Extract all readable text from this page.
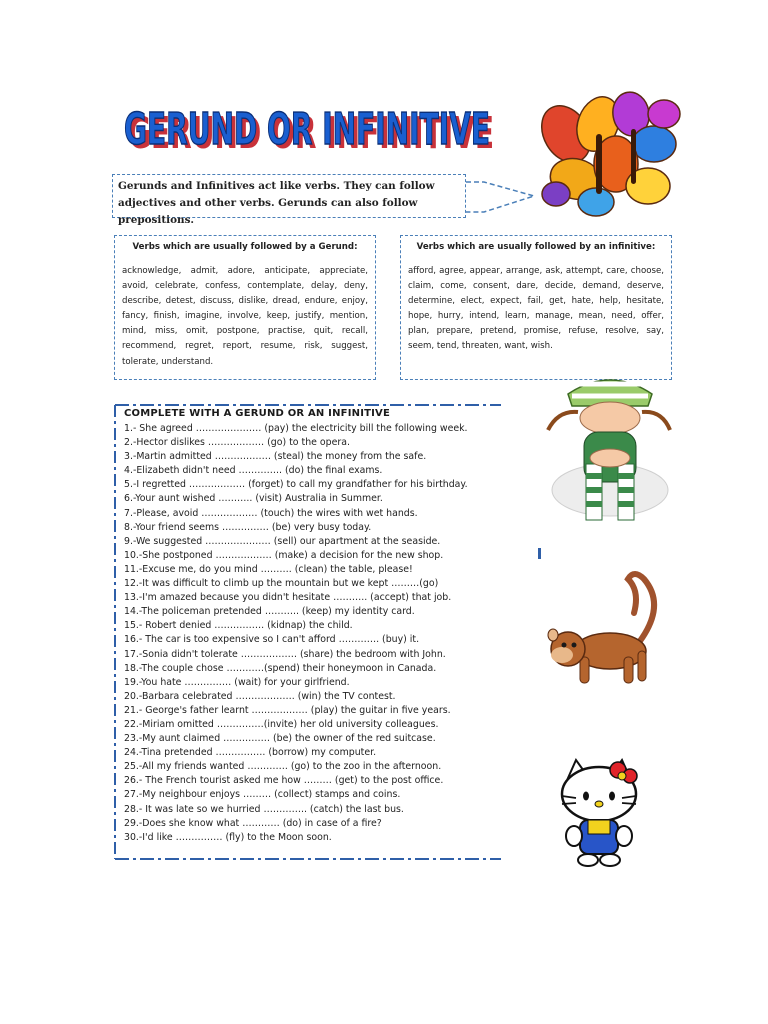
GERUND OR INFINITIVE
GERUND OR INFINITIVE
Gerunds and Infinitives act like verbs. They can follow adjectives and other verbs. Gerunds can also follow prepositions.
Verbs which are usually followed by a Gerund:

acknowledge, admit, adore, anticipate, appreciate, avoid, celebrate, confess, contemplate, delay, deny, describe, detest, discuss, dislike, dread, endure, enjoy, fancy, finish, imagine, involve, keep, justify, mention, mind, miss, omit, postpone, practise, quit, recall, recommend, regret, report, resume, risk, suggest, tolerate, understand.

Verbs which are usually followed by an infinitive:

afford, agree, appear, arrange, ask, attempt, care, choose, claim, come, consent, dare, decide, demand, deserve, determine, elect, expect, fail, get, hate, help, hesitate, hope, hurry, intend, learn, manage, mean, need, offer, plan, prepare, pretend, promise, refuse, resolve, say, seem, tend, threaten, want, wish.

COMPLETE WITH A GERUND OR AN INFINITIVE
1.- She agreed ………………… (pay) the electricity bill the following week.
2.-Hector dislikes ……………… (go) to the opera.
3.-Martin admitted ……………… (steal) the money from the safe.
4.-Elizabeth didn't need ………….. (do) the final exams.
5.-I regretted ……………… (forget) to call my grandfather for his birthday.
6.-Your aunt wished ……….. (visit) Australia in Summer.
7.-Please, avoid ……………… (touch) the wires with wet hands.
8.-Your friend seems …………… (be) very busy today.
9.-We suggested ………………… (sell) our apartment at the seaside.
10.-She postponed ……………… (make) a decision for the new shop.
11.-Excuse me, do you mind ………. (clean) the table, please!
12.-It was difficult to climb up the mountain but we kept ………(go)
13.-I'm amazed because you didn't hesitate ……….. (accept) that job.
14.-The policeman pretended ……….. (keep) my identity card.
15.- Robert denied ……………. (kidnap) the child.
16.- The car is too expensive so I can't afford …………. (buy) it.
17.-Sonia didn't tolerate ……………… (share) the bedroom with John.
18.-The couple chose …………(spend) their honeymoon in Canada.
19.-You hate …………… (wait) for your girlfriend.
20.-Barbara celebrated ………………. (win) the TV contest.
21.- George's father learnt ……………… (play) the guitar in five years.
22.-Miriam omitted ……………(invite) her old university colleagues.
23.-My aunt claimed …………… (be) the owner of the red suitcase.
24.-Tina pretended ……………. (borrow) my computer.
25.-All my friends wanted …………. (go) to the zoo in the afternoon.
26.- The French tourist asked me how ……… (get) to the post office.
27.-My neighbour enjoys ……… (collect) stamps and coins.
28.- It was late so we hurried ………….. (catch) the last bus.
29.-Does she know what ………… (do) in case of a fire?
30.-I'd like …………… (fly) to the Moon soon.
